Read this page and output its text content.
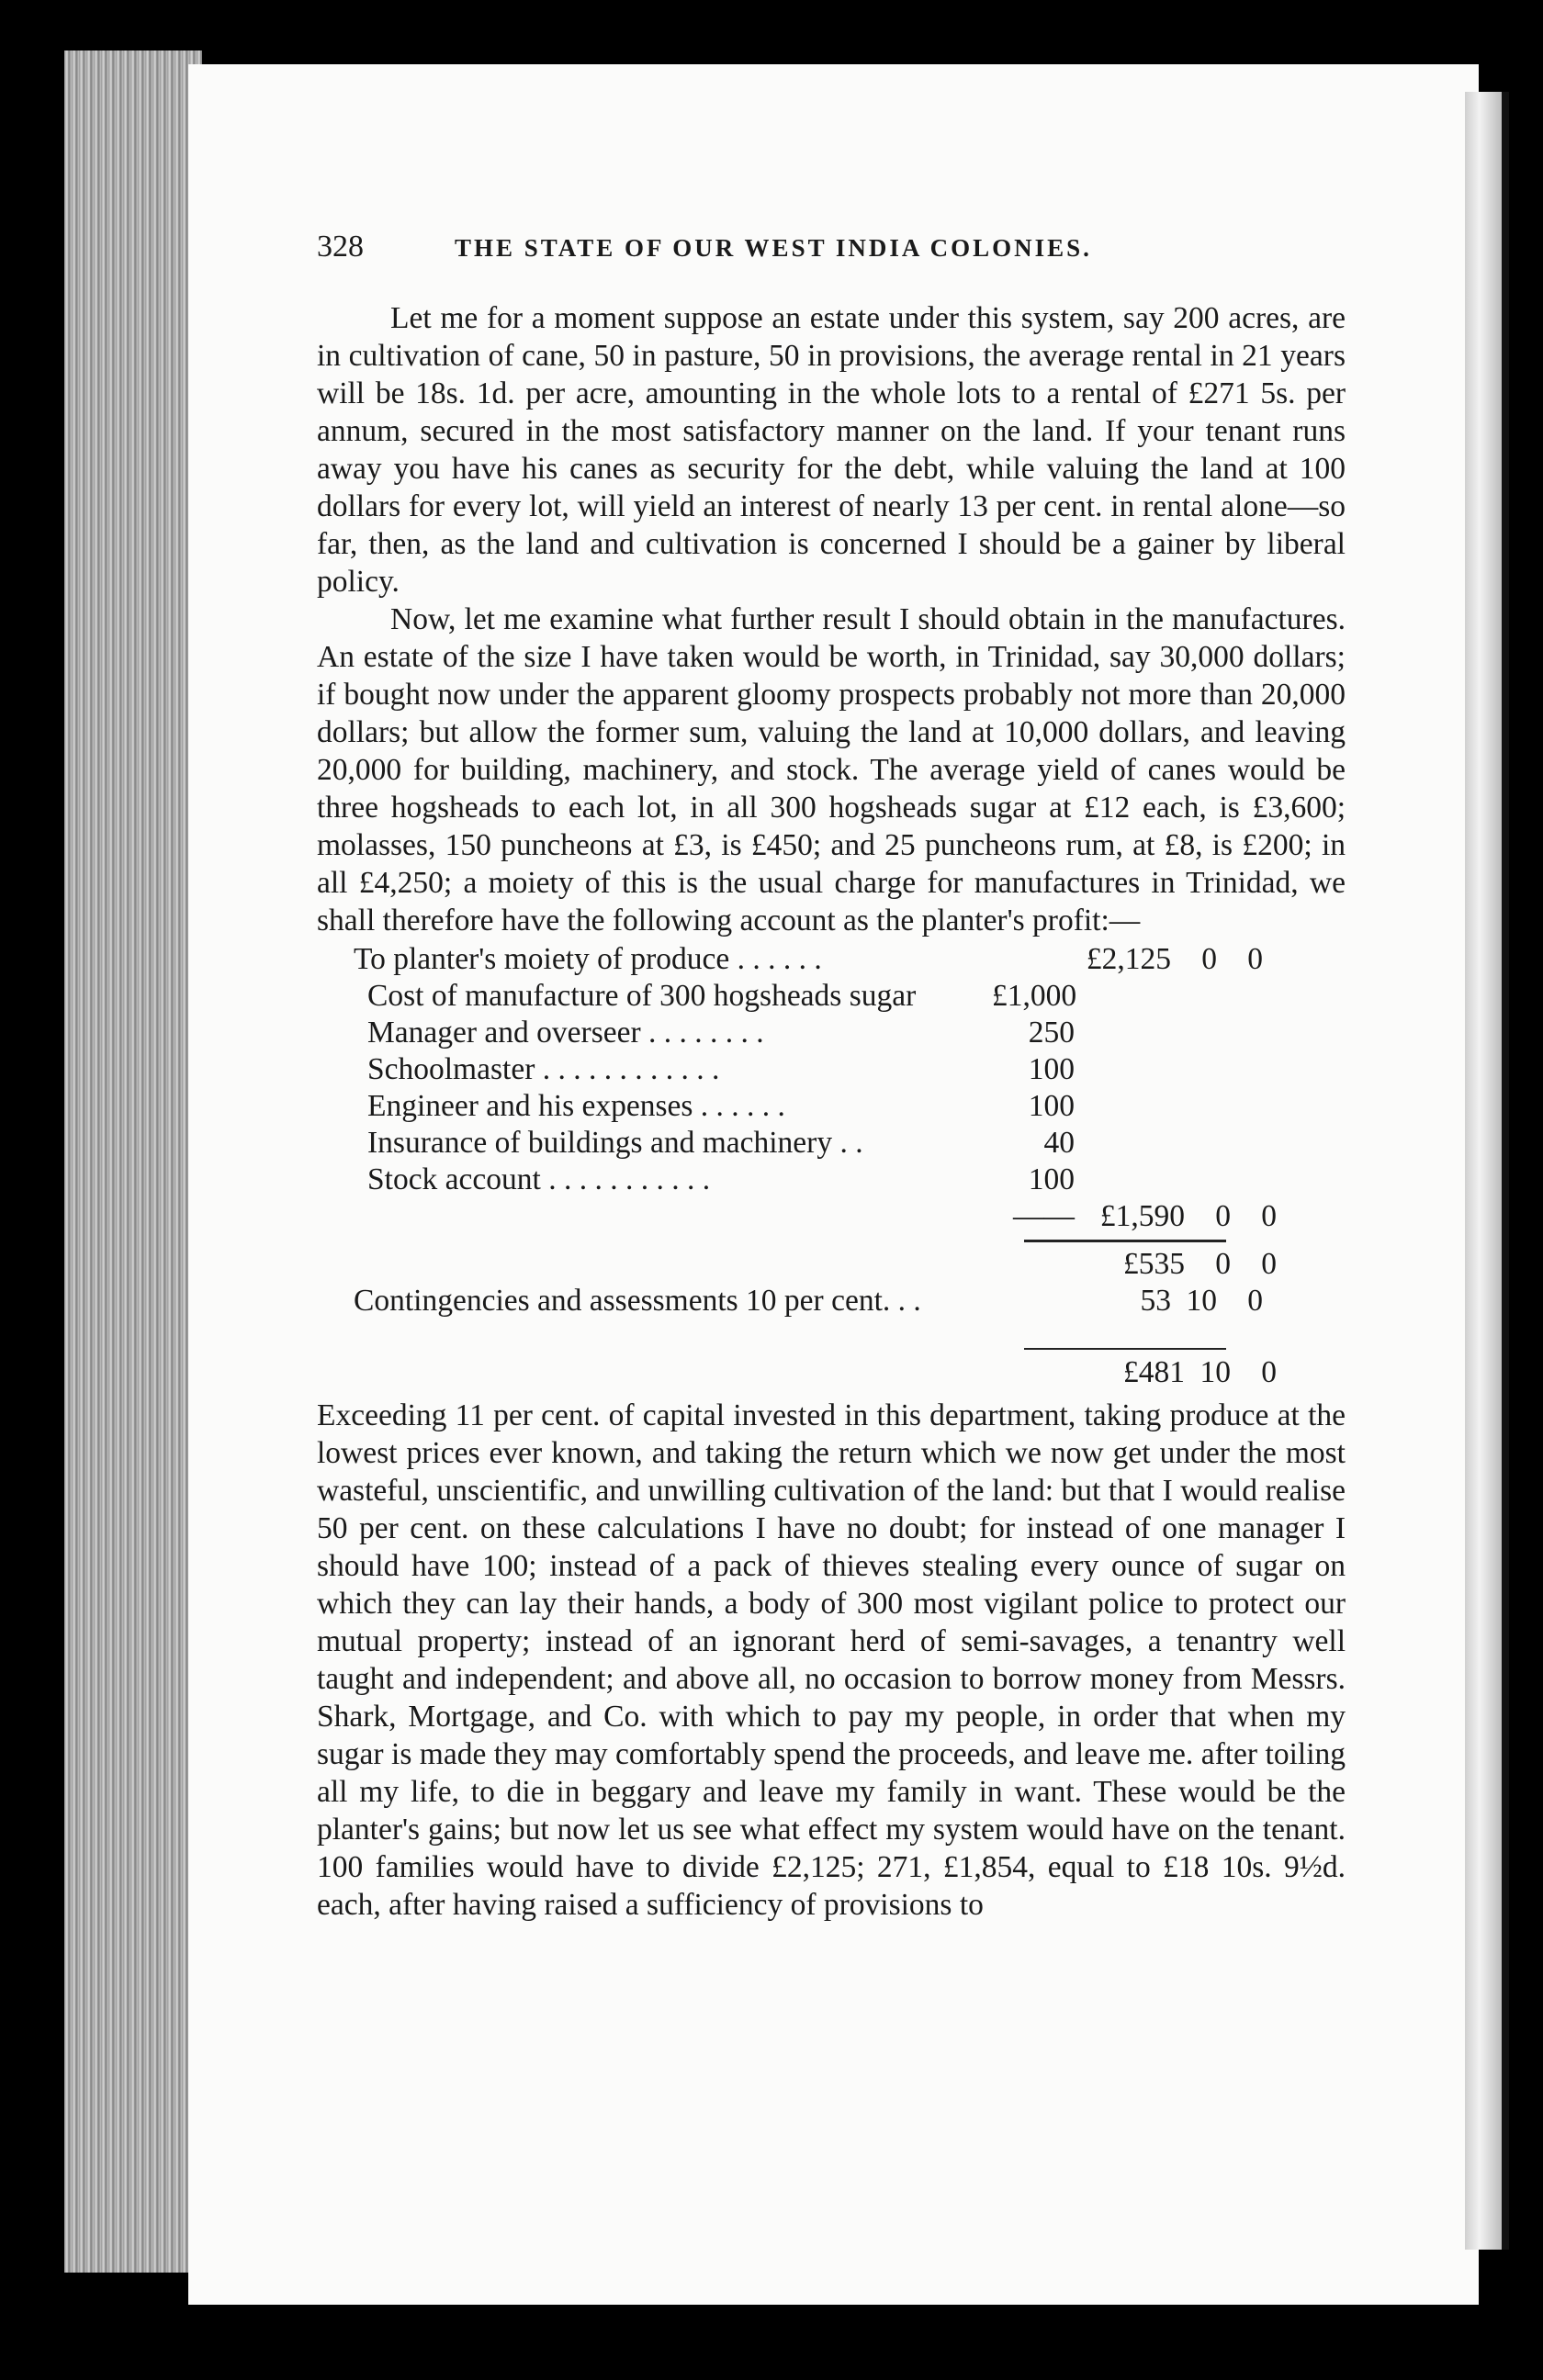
328	THE STATE OF OUR WEST INDIA COLONIES.

Let me for a moment suppose an estate under this system, say 200 acres, are in cultivation of cane, 50 in pasture, 50 in provisions, the average rental in 21 years will be 18s. 1d. per acre, amounting in the whole lots to a rental of £271 5s. per annum, secured in the most satisfactory manner on the land. If your tenant runs away you have his canes as security for the debt, while valuing the land at 100 dollars for every lot, will yield an interest of nearly 13 per cent. in rental alone—so far, then, as the land and cultivation is concerned I should be a gainer by liberal policy.

Now, let me examine what further result I should obtain in the manufactures. An estate of the size I have taken would be worth, in Trinidad, say 30,000 dollars; if bought now under the apparent gloomy prospects probably not more than 20,000 dollars; but allow the former sum, valuing the land at 10,000 dollars, and leaving 20,000 for building, machinery, and stock. The average yield of canes would be three hogsheads to each lot, in all 300 hogsheads sugar at £12 each, is £3,600; molasses, 150 puncheons at £3, is £450; and 25 puncheons rum, at £8, is £200; in all £4,250; a moiety of this is the usual charge for manufactures in Trinidad, we shall therefore have the following account as the planter's profit:—

To planter's moiety of produce . . . . . .	£2,125 0 0
Cost of manufacture of 300 hogsheads sugar	£1,000
Manager and overseer . . . . . . . .	250
Schoolmaster . . . . . . . . . . . .	100
Engineer and his expenses . . . . . .	100
Insurance of buildings and machinery . .	40
Stock account . . . . . . . . . . .	100
—— £1,590 0 0
£535 0 0
Contingencies and assessments 10 per cent. . .	53 10 0
£481 10 0

Exceeding 11 per cent. of capital invested in this department, taking produce at the lowest prices ever known, and taking the return which we now get under the most wasteful, unscientific, and unwilling cultivation of the land: but that I would realise 50 per cent. on these calculations I have no doubt; for instead of one manager I should have 100; instead of a pack of thieves stealing every ounce of sugar on which they can lay their hands, a body of 300 most vigilant police to protect our mutual property; instead of an ignorant herd of semi-savages, a tenantry well taught and independent; and above all, no occasion to borrow money from Messrs. Shark, Mortgage, and Co. with which to pay my people, in order that when my sugar is made they may comfortably spend the proceeds, and leave me. after toiling all my life, to die in beggary and leave my family in want. These would be the planter's gains; but now let us see what effect my system would have on the tenant. 100 families would have to divide £2,125; 271, £1,854, equal to £18 10s. 9½d. each, after having raised a sufficiency of provisions to
